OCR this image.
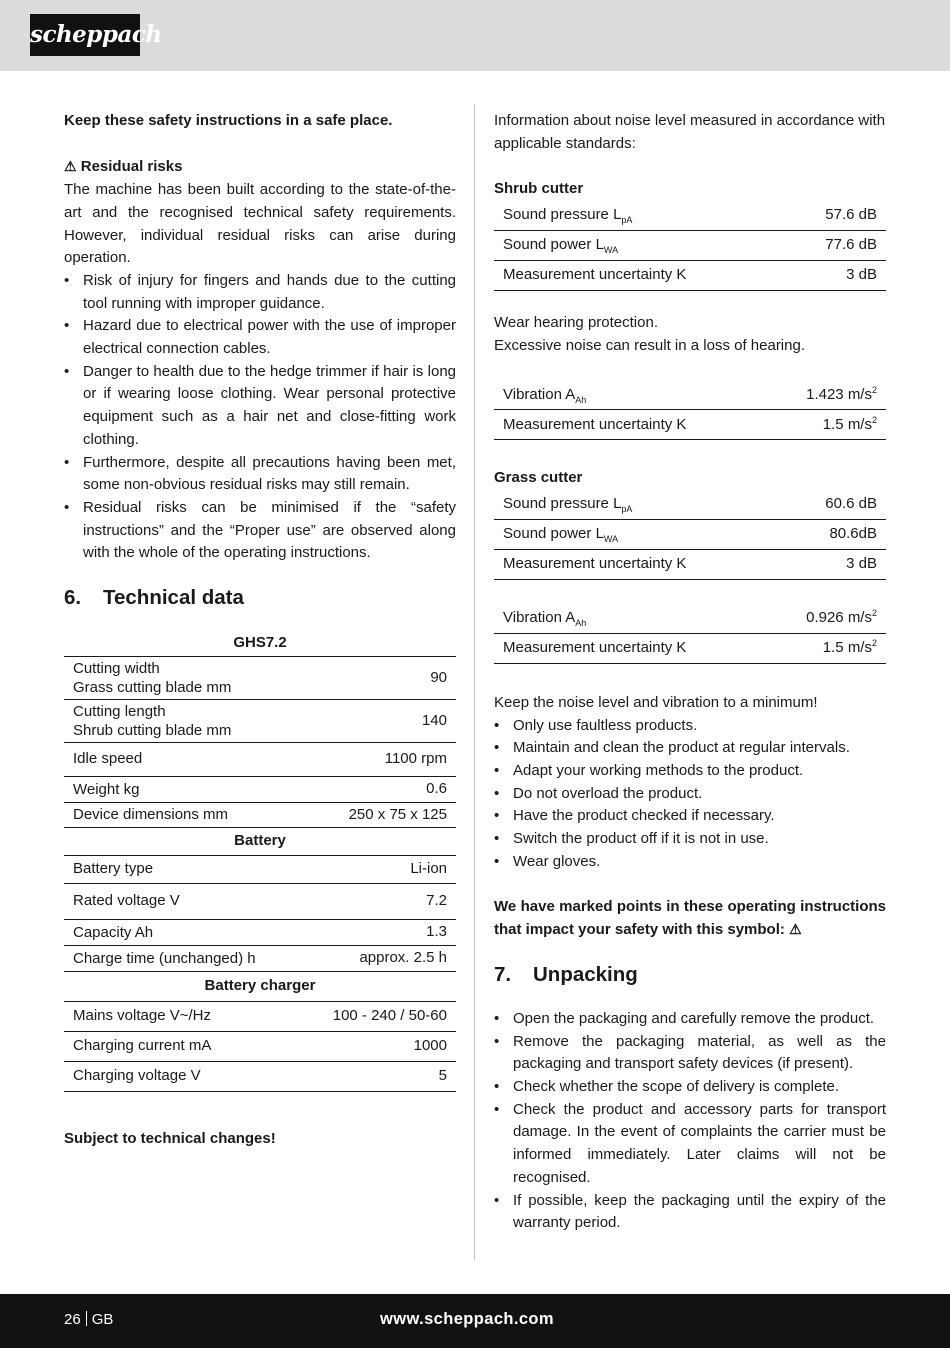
scheppach

Keep these safety instructions in a safe place.

⚠ Residual risks

The machine has been built according to the state-of-the-art and the recognised technical safety requirements. However, individual residual risks can arise during operation.

• Risk of injury for fingers and hands due to the cutting tool running with improper guidance.
• Hazard due to electrical power with the use of improper electrical connection cables.
• Danger to health due to the hedge trimmer if hair is long or if wearing loose clothing. Wear personal protective equipment such as a hair net and close-fitting work clothing.
• Furthermore, despite all precautions having been met, some non-obvious residual risks may still remain.
• Residual risks can be minimised if the “safety instructions” and the “Proper use” are observed along with the whole of the operating instructions.
6. Technical data
GHS7.2	
Cutting width
Grass cutting blade mm	90
Cutting length
Shrub cutting blade mm	140
Idle speed	1100 rpm
Weight kg	0.6
Device dimensions mm	250 x 75 x 125
Battery	
Battery type	Li-ion
Rated voltage V	7.2
Capacity Ah	1.3
Charge time (unchanged) h	approx. 2.5 h
Battery charger	
Mains voltage V~/Hz	100 - 240 / 50-60
Charging current mA	1000
Charging voltage V	5

Subject to technical changes!

Information about noise level measured in accordance with applicable standards:

Shrub cutter

Sound pressure $L_{pA}$	57.6 dB
Sound power $L_{WA}$	77.6 dB
Measurement uncertainty K	3 dB

Wear hearing protection.

Excessive noise can result in a loss of hearing.

Vibration $A_{Ah}$	1.423 $m/s^2$
Measurement uncertainty K	1.5 $m/s^2$

Grass cutter

Sound pressure $L_{pA}$	60.6 dB
Sound power $L_{WA}$	80.6dB
Measurement uncertainty K	3 dB
Vibration $A_{Ah}$	0.926 $m/s^2$
Measurement uncertainty K	1.5 $m/s^2$

Keep the noise level and vibration to a minimum!

• Only use faultless products.
• Maintain and clean the product at regular intervals.
• Adapt your working methods to the product.
• Do not overload the product.
• Have the product checked if necessary.
• Switch the product off if it is not in use.
• Wear gloves.

We have marked points in these operating instructions that impact your safety with this symbol: ⚠

7. Unpacking
• Open the packaging and carefully remove the product.
• Remove the packaging material, as well as the packaging and transport safety devices (if present).
• Check whether the scope of delivery is complete.
• Check the product and accessory parts for transport damage. In the event of complaints the carrier must be informed immediately. Later claims will not be recognised.
• If possible, keep the packaging until the expiry of the warranty period.
26 GB	www.scheppach.com
